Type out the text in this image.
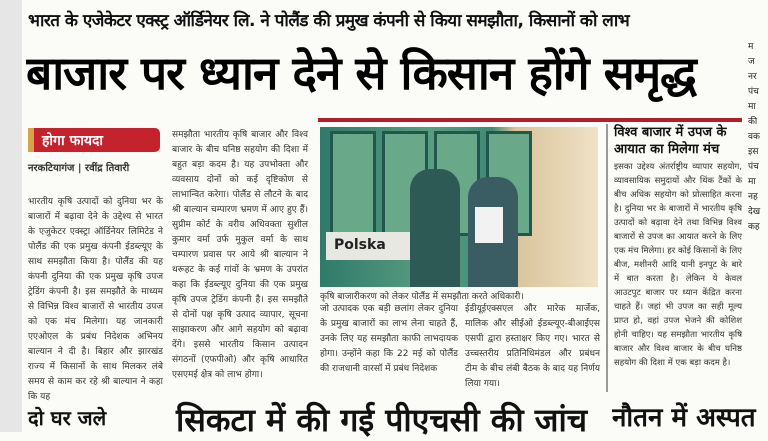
भारत के एजेकेटर एक्स्ट्र ऑर्डिनेयर लि. ने पोलैंड की प्रमुख कंपनी से किया समझौता, किसानों को लाभ
बाजार पर ध्यान देने से किसान होंगे समृद्ध
होगा फायदा
नरकटियागंज | रवींद्र तिवारी
भारतीय कृषि उत्पादों को दुनिया भर के बाजारों में बढ़ावा देने के उद्देश्य से भारत के एजुकेटर एक्स्ट्रा ऑर्डिनेयर लिमिटेड ने पोलैंड की एक प्रमुख कंपनी ईडब्ल्यूए के साथ समझौता किया है। पोलैंड की यह कंपनी दुनिया की एक प्रमुख कृषि उपज ट्रेडिंग कंपनी है। इस समझौते के माध्यम से विभिन्न विश्व बाजारों से भारतीय उपज को एक मंच मिलेगा। यह जानकारी एएओएल के प्रबंध निदेशक अभिनय बाल्यान ने दी है। बिहार और झारखंड राज्य में किसानों के साथ मिलकर लंबे समय से काम कर रहे श्री बाल्यान ने कहा कि यह
समझौता भारतीय कृषि बाजार और विश्व बाजार के बीच घनिष्ठ सहयोग की दिशा में बहुत बड़ा कदम है। यह उपभोक्ता और व्यवसाय दोनों को कई दृष्टिकोण से लाभान्वित करेगा। पोलैंड से लौटने के बाद श्री बाल्यान चम्पारण भ्रमण में आए हुए हैं। सुप्रीम कोर्ट के वरीय अधिवक्ता सुशील कुमार वर्मा उर्फ मुकुल वर्मा के साथ चम्पारण प्रवास पर आये श्री बाल्यान ने थरूहट के कई गांवों के भ्रमण के उपरांत कहा कि ईडब्ल्यूए दुनिया की एक प्रमुख कृषि उपज ट्रेडिंग कंपनी है। इस समझौते से दोनों पक्ष कृषि उत्पाद व्यापार, सूचना साझाकरण और आगे सहयोग को बढ़ावा देंगे। इससे भारतीय किसान उत्पादन संगठनों (एफपीओ) और कृषि आधारित एसएमई क्षेत्र को लाभ होगा।
Polska
कृषि बाजारीकरण को लेकर पोलैंड में समझौता करते अधिकारी।
जो उत्पादक एक बड़ी छलांग लेकर दुनिया के प्रमुख बाजारों का लाभ लेना चाहते हैं, उनके लिए यह समझौता काफी लाभदायक होगा। उन्होंने कहा कि 22 मई को पोलैंड की राजधानी वारसॉ में प्रबंध निदेशक
ईडीयूईएक्सएल और मारेक मार्जेक, मालिक और सीईओ ईडब्ल्यूए-बीआईएस एसपी द्वारा हस्ताक्षर किए गए। भारत से उच्चस्तरीय प्रतिनिधिमंडल और प्रबंधन टीम के बीच लंबी बैठक के बाद यह निर्णय लिया गया।
विश्व बाजार में उपज के आयात का मिलेगा मंच
इसका उद्देश्य अंतर्राष्ट्रीय व्यापार सहयोग, व्यावसायिक समुदायों और थिंक टैंकों के बीच अधिक सहयोग को प्रोत्साहित करना है। दुनिया भर के बाजारों में भारतीय कृषि उत्पादों को बढ़ावा देने तथा विभिन्न विश्व बाजारों से उपज का आयात करने के लिए एक मंच मिलेगा। हर कोई किसानों के लिए बीज, मशीनरी आदि यानी इनपुट के बारे में बात करता है। लेकिन ये केवल आउटपुट बाजार पर ध्यान केंद्रित करना चाहते हैं। जहां भी उपज का सही मूल्य प्राप्त हो, वहां उपज भेजने की कोशिश होनी चाहिए। यह समझौता भारतीय कृषि बाजार और विश्व बाजार के बीच घनिष्ठ सहयोग की दिशा में एक बड़ा कदम है।
म
ज
नर
पंच
मा
की
वक
इस
पंच
मा
नह
देख
कह
दो घर जले सिकटा में की गई पीएचसी की जांच नौतन में अस्पत
